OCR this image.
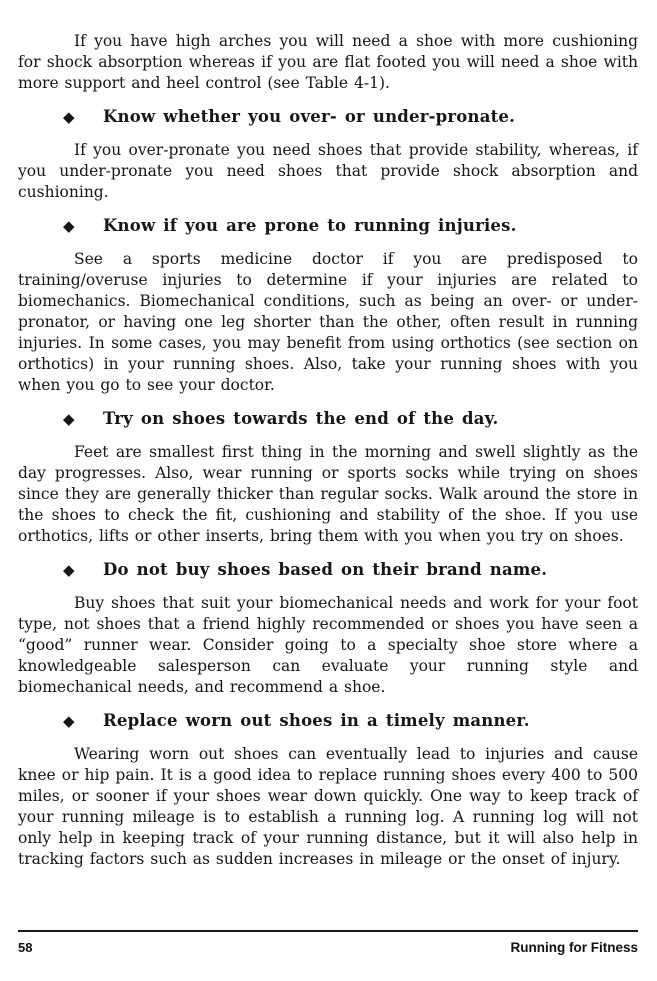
If you have high arches you will need a shoe with more cushioning for shock absorption whereas if you are flat footed you will need a shoe with more support and heel control (see Table 4-1).

◆	Know whether you over- or under-pronate.

If you over-pronate you need shoes that provide stability, whereas, if you under-pronate you need shoes that provide shock absorption and cushioning.

◆	Know if you are prone to running injuries.

See a sports medicine doctor if you are predisposed to training/overuse injuries to determine if your injuries are related to biomechanics. Biomechanical conditions, such as being an over- or under-pronator, or having one leg shorter than the other, often result in running injuries. In some cases, you may benefit from using orthotics (see section on orthotics) in your running shoes. Also, take your running shoes with you when you go to see your doctor.

◆	Try on shoes towards the end of the day.

Feet are smallest first thing in the morning and swell slightly as the day progresses. Also, wear running or sports socks while trying on shoes since they are generally thicker than regular socks. Walk around the store in the shoes to check the fit, cushioning and stability of the shoe. If you use orthotics, lifts or other inserts, bring them with you when you try on shoes.

◆	Do not buy shoes based on their brand name.

Buy shoes that suit your biomechanical needs and work for your foot type, not shoes that a friend highly recommended or shoes you have seen a “good” runner wear. Consider going to a specialty shoe store where a knowledgeable salesperson can evaluate your running style and biomechanical needs, and recommend a shoe.

◆	Replace worn out shoes in a timely manner.

Wearing worn out shoes can eventually lead to injuries and cause knee or hip pain. It is a good idea to replace running shoes every 400 to 500 miles, or sooner if your shoes wear down quickly. One way to keep track of your running mileage is to establish a running log. A running log will not only help in keeping track of your running distance, but it will also help in tracking factors such as sudden increases in mileage or the onset of injury.

58	Running for Fitness
